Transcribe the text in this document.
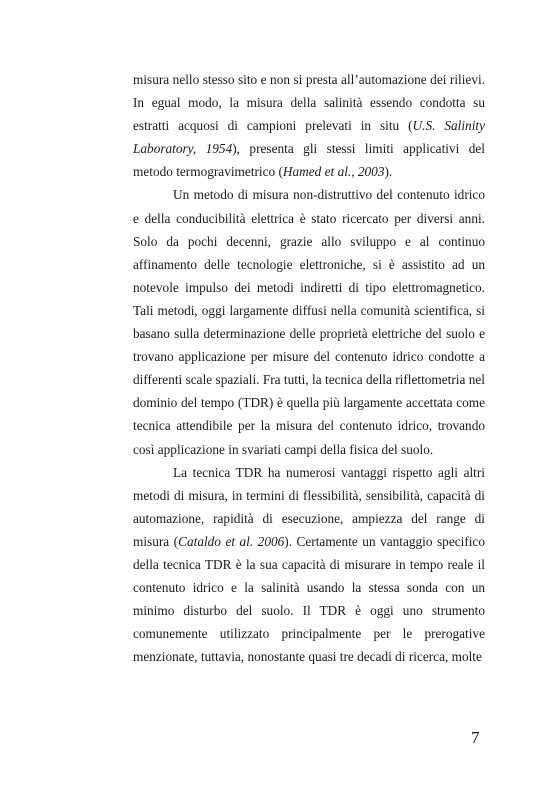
misura nello stesso sito e non si presta all’automazione dei rilievi. In egual modo, la misura della salinità essendo condotta su estratti acquosi di campioni prelevati in situ (U.S. Salinity Laboratory, 1954), presenta gli stessi limiti applicativi del metodo termogravimetrico (Hamed et al., 2003).

Un metodo di misura non-distruttivo del contenuto idrico e della conducibilità elettrica è stato ricercato per diversi anni. Solo da pochi decenni, grazie allo sviluppo e al continuo affinamento delle tecnologie elettroniche, si è assistito ad un notevole impulso dei metodi indiretti di tipo elettromagnetico. Tali metodi, oggi largamente diffusi nella comunità scientifica, si basano sulla determinazione delle proprietà elettriche del suolo e trovano applicazione per misure del contenuto idrico condotte a differenti scale spaziali. Fra tutti, la tecnica della riflettometria nel dominio del tempo (TDR) è quella più largamente accettata come tecnica attendibile per la misura del contenuto idrico, trovando così applicazione in svariati campi della fisica del suolo.

La tecnica TDR ha numerosi vantaggi rispetto agli altri metodi di misura, in termini di flessibilità, sensibilità, capacità di automazione, rapidità di esecuzione, ampiezza del range di misura (Cataldo et al. 2006). Certamente un vantaggio specifico della tecnica TDR è la sua capacità di misurare in tempo reale il contenuto idrico e la salinità usando la stessa sonda con un minimo disturbo del suolo. Il TDR è oggi uno strumento comunemente utilizzato principalmente per le prerogative menzionate, tuttavia, nonostante quasi tre decadi di ricerca, molte

7
